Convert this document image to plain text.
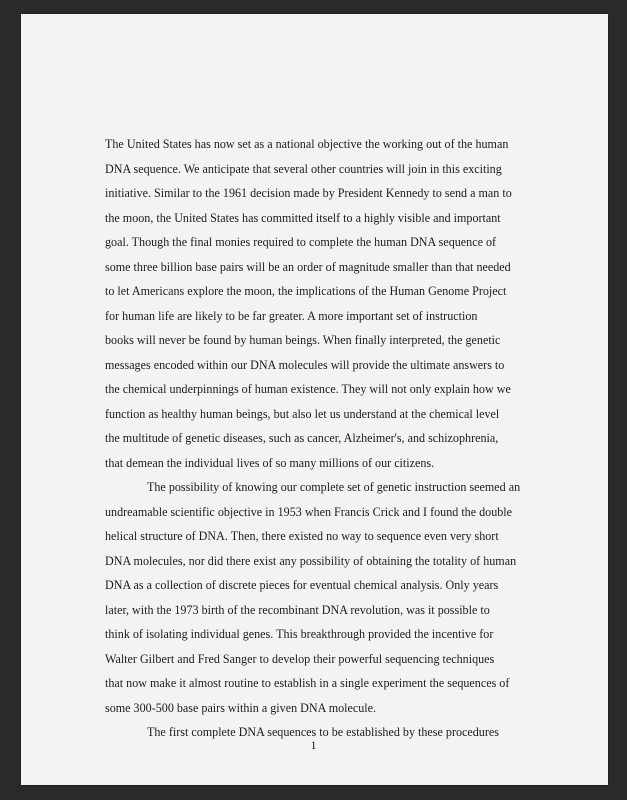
The United States has now set as a national objective the working out of the human
DNA sequence. We anticipate that several other countries will join in this exciting
initiative. Similar to the 1961 decision made by President Kennedy to send a man to
the moon, the United States has committed itself to a highly visible and important
goal. Though the final monies required to complete the human DNA sequence of
some three billion base pairs will be an order of magnitude smaller than that needed
to let Americans explore the moon, the implications of the Human Genome Project
for human life are likely to be far greater. A more important set of instruction
books will never be found by human beings. When finally interpreted, the genetic
messages encoded within our DNA molecules will provide the ultimate answers to
the chemical underpinnings of human existence. They will not only explain how we
function as healthy human beings, but also let us understand at the chemical level
the multitude of genetic diseases, such as cancer, Alzheimer's, and schizophrenia,
that demean the individual lives of so many millions of our citizens.
The possibility of knowing our complete set of genetic instruction seemed an
undreamable scientific objective in 1953 when Francis Crick and I found the double
helical structure of DNA. Then, there existed no way to sequence even very short
DNA molecules, nor did there exist any possibility of obtaining the totality of human
DNA as a collection of discrete pieces for eventual chemical analysis. Only years
later, with the 1973 birth of the recombinant DNA revolution, was it possible to
think of isolating individual genes. This breakthrough provided the incentive for
Walter Gilbert and Fred Sanger to develop their powerful sequencing techniques
that now make it almost routine to establish in a single experiment the sequences of
some 300-500 base pairs within a given DNA molecule.
The first complete DNA sequences to be established by these procedures
1
